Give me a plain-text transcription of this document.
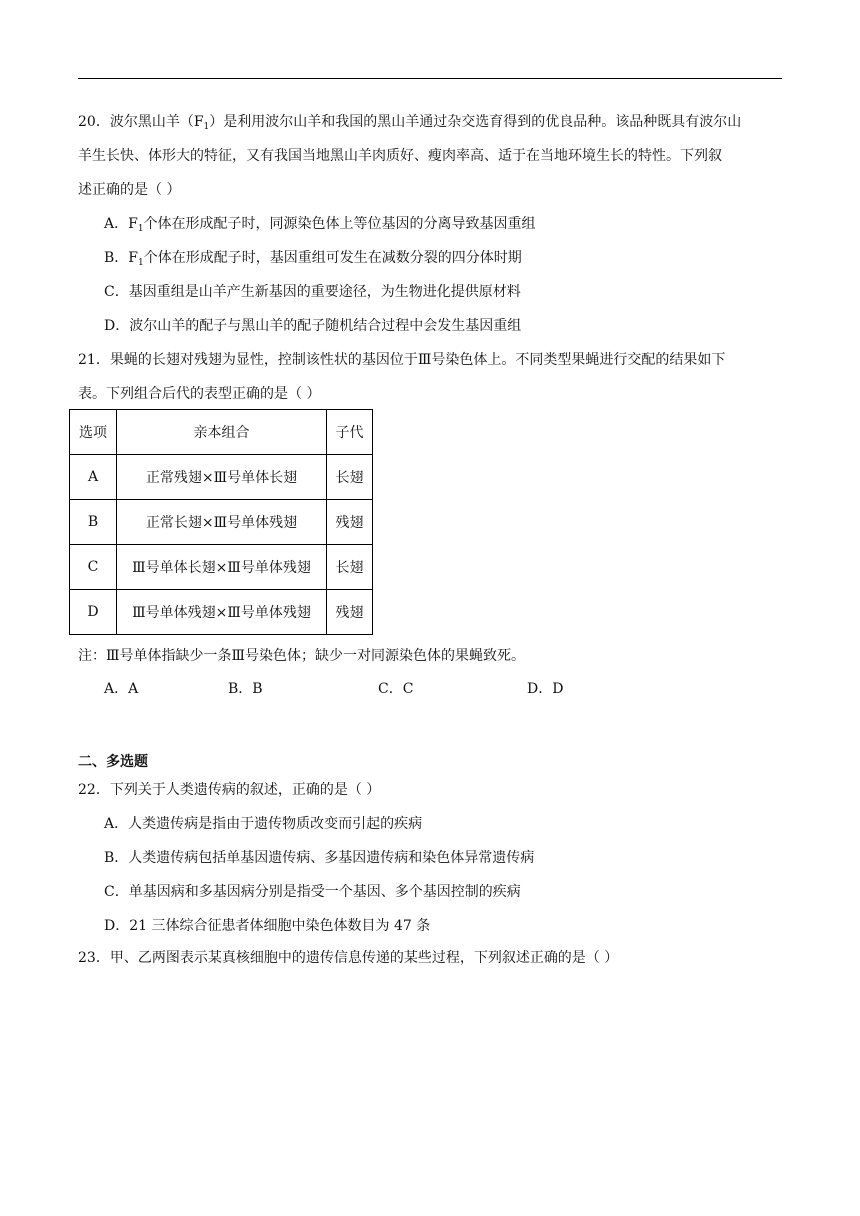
20．波尔黑山羊$(F_1)$是利用波尔山羊和我国的黑山羊通过杂交选育得到的优良品种。该品种既具有波尔山
羊生长快、体形大的特征，又有我国当地黑山羊肉质好、瘦肉率高、适于在当地环境生长的特性。下列叙
述正确的是（ ）
A．$F_1$个体在形成配子时，同源染色体上等位基因的分离导致基因重组
B．$F_1$个体在形成配子时，基因重组可发生在减数分裂的四分体时期
C．基因重组是山羊产生新基因的重要途径，为生物进化提供原材料
D．波尔山羊的配子与黑山羊的配子随机结合过程中会发生基因重组
21．果蝇的长翅对残翅为显性，控制该性状的基因位于Ⅲ号染色体上。不同类型果蝇进行交配的结果如下
表。下列组合后代的表型正确的是（ ）
选项	亲本组合	子代
A	正常残翅×Ⅲ号单体长翅	长翅
B	正常长翅×Ⅲ号单体残翅	残翅
C	Ⅲ号单体长翅×Ⅲ号单体残翅	长翅
D	Ⅲ号单体残翅×Ⅲ号单体残翅	残翅
注：Ⅲ号单体指缺少一条Ⅲ号染色体；缺少一对同源染色体的果蝇致死。
A．A	B．B	C．C	D．D
二、多选题
22．下列关于人类遗传病的叙述，正确的是（ ）
A．人类遗传病是指由于遗传物质改变而引起的疾病
B．人类遗传病包括单基因遗传病、多基因遗传病和染色体异常遗传病
C．单基因病和多基因病分别是指受一个基因、多个基因控制的疾病
D．21 三体综合征患者体细胞中染色体数目为 47 条
23．甲、乙两图表示某真核细胞中的遗传信息传递的某些过程，下列叙述正确的是（ ）
